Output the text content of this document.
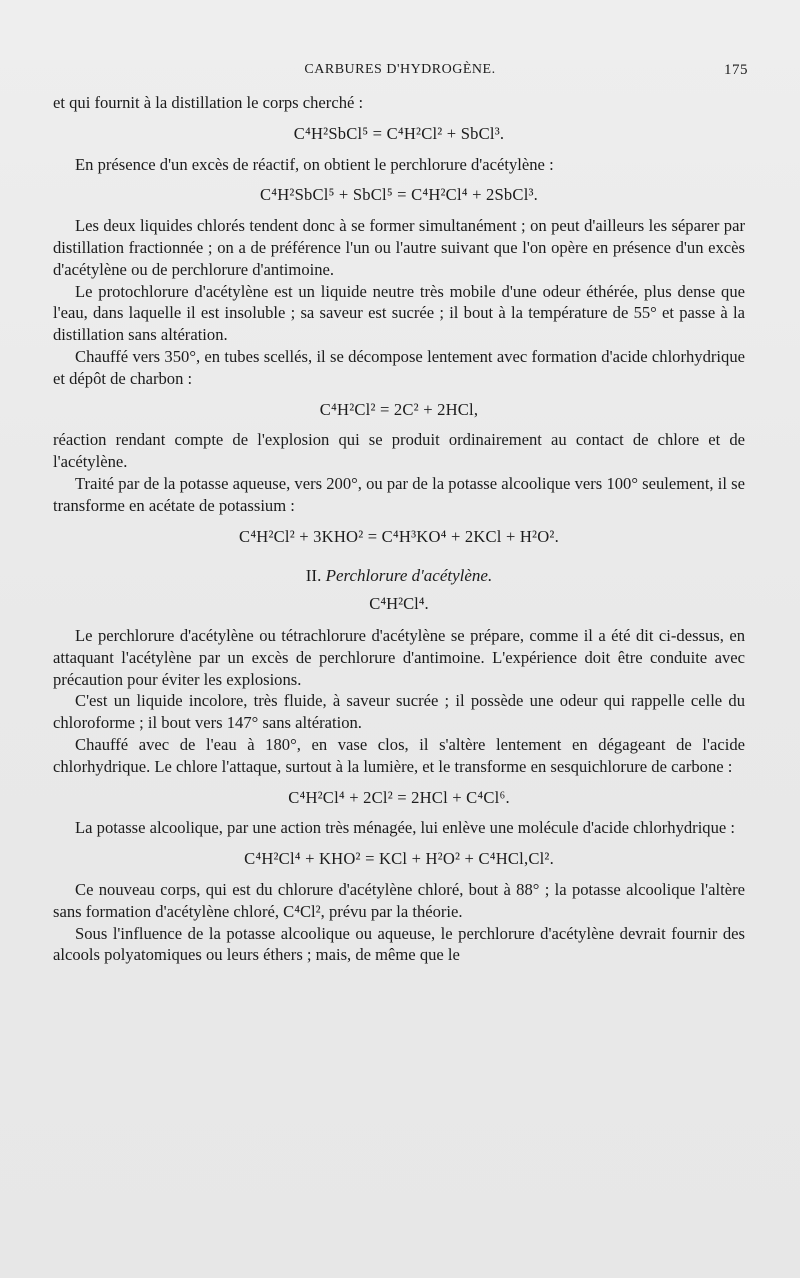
CARBURES D'HYDROGÈNE.	175

et qui fournit à la distillation le corps cherché :

C⁴H²SbCl⁵ = C⁴H²Cl² + SbCl³.

En présence d'un excès de réactif, on obtient le perchlorure d'acétylène :

C⁴H²SbCl⁵ + SbCl⁵ = C⁴H²Cl⁴ + 2SbCl³.

Les deux liquides chlorés tendent donc à se former simultanément ; on peut d'ailleurs les séparer par distillation fractionnée ; on a de préférence l'un ou l'autre suivant que l'on opère en présence d'un excès d'acétylène ou de perchlorure d'antimoine.

Le protochlorure d'acétylène est un liquide neutre très mobile d'une odeur éthérée, plus dense que l'eau, dans laquelle il est insoluble ; sa saveur est sucrée ; il bout à la température de 55° et passe à la distillation sans altération.

Chauffé vers 350°, en tubes scellés, il se décompose lentement avec formation d'acide chlorhydrique et dépôt de charbon :

C⁴H²Cl² = 2C² + 2HCl,

réaction rendant compte de l'explosion qui se produit ordinairement au contact de chlore et de l'acétylène.

Traité par de la potasse aqueuse, vers 200°, ou par de la potasse alcoolique vers 100° seulement, il se transforme en acétate de potassium :

C⁴H²Cl² + 3KHO² = C⁴H³KO⁴ + 2KCl + H²O².
II. Perchlorure d'acétylène.
C⁴H²Cl⁴.

Le perchlorure d'acétylène ou tétrachlorure d'acétylène se prépare, comme il a été dit ci-dessus, en attaquant l'acétylène par un excès de perchlorure d'antimoine. L'expérience doit être conduite avec précaution pour éviter les explosions.

C'est un liquide incolore, très fluide, à saveur sucrée ; il possède une odeur qui rappelle celle du chloroforme ; il bout vers 147° sans altération.

Chauffé avec de l'eau à 180°, en vase clos, il s'altère lentement en dégageant de l'acide chlorhydrique. Le chlore l'attaque, surtout à la lumière, et le transforme en sesquichlorure de carbone :

C⁴H²Cl⁴ + 2Cl² = 2HCl + C⁴Cl⁶.

La potasse alcoolique, par une action très ménagée, lui enlève une molécule d'acide chlorhydrique :

C⁴H²Cl⁴ + KHO² = KCl + H²O² + C⁴HCl,Cl².

Ce nouveau corps, qui est du chlorure d'acétylène chloré, bout à 88° ; la potasse alcoolique l'altère sans formation d'acétylène chloré, C⁴Cl², prévu par la théorie.

Sous l'influence de la potasse alcoolique ou aqueuse, le perchlorure d'acétylène devrait fournir des alcools polyatomiques ou leurs éthers ; mais, de même que le
